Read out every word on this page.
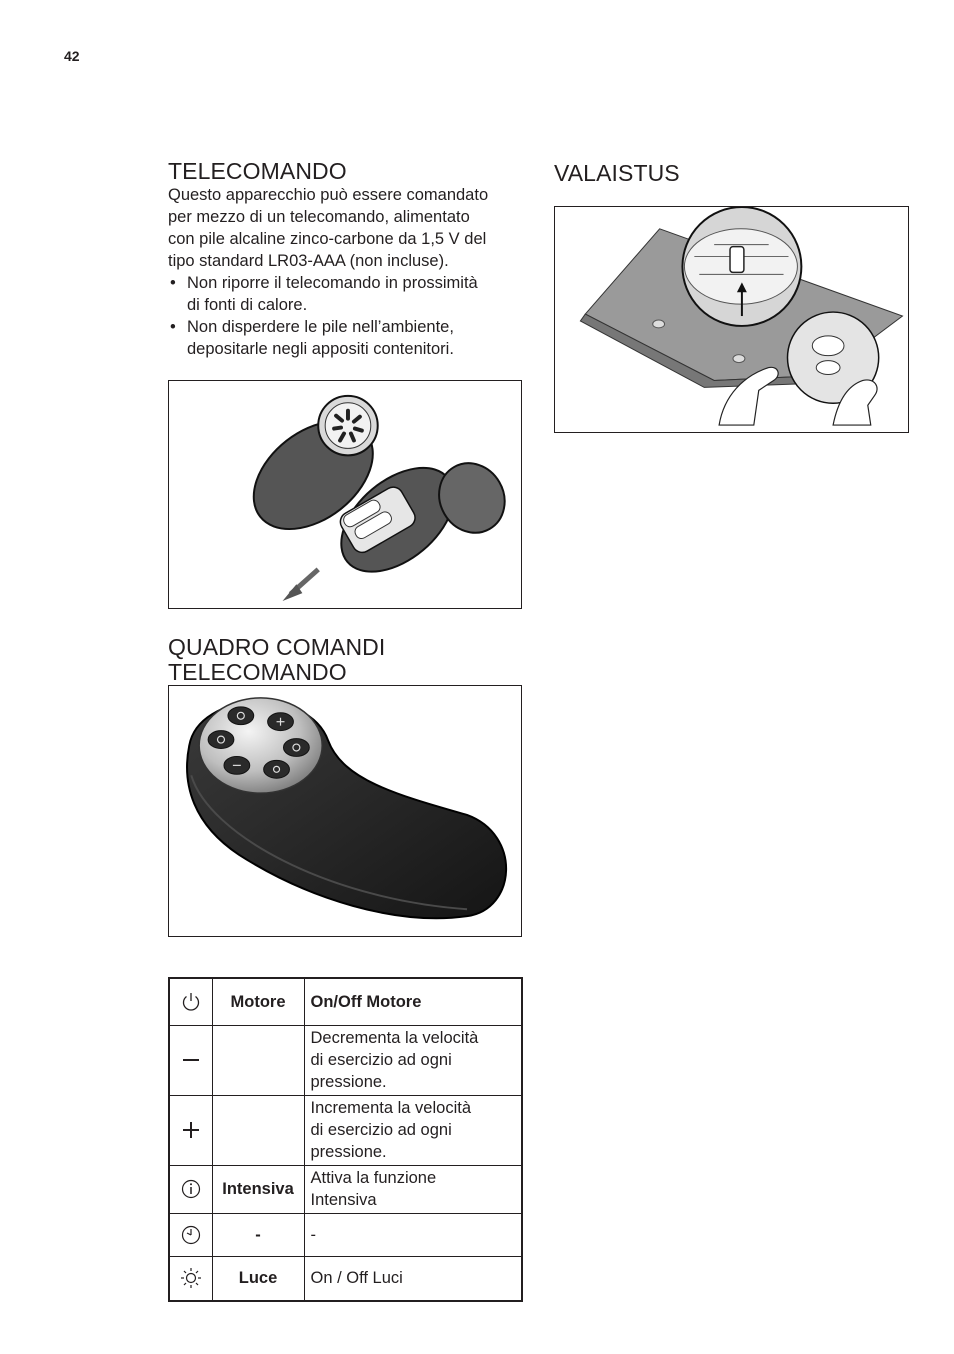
42
TELECOMANDO

Questo apparecchio può essere comandato
per mezzo di un telecomando, alimentato
con pile alcaline zinco-carbone da 1,5 V del
tipo standard LR03-AAA (non incluse).

• Non riporre il telecomando in prossimità
di fonti di calore.
• Non disperdere le pile nell’ambiente,
depositarle negli appositi contenitori.
QUADRO COMANDI
TELECOMANDO
VALAISTUS
	Motore	On/Off Motore

		Decrementa la velocità
di esercizio ad ogni
pressione.

		Incrementa la velocità
di esercizio ad ogni
pressione.

	Intensiva	Attiva la funzione
Intensiva

	-	-

	Luce	On / Off Luci
